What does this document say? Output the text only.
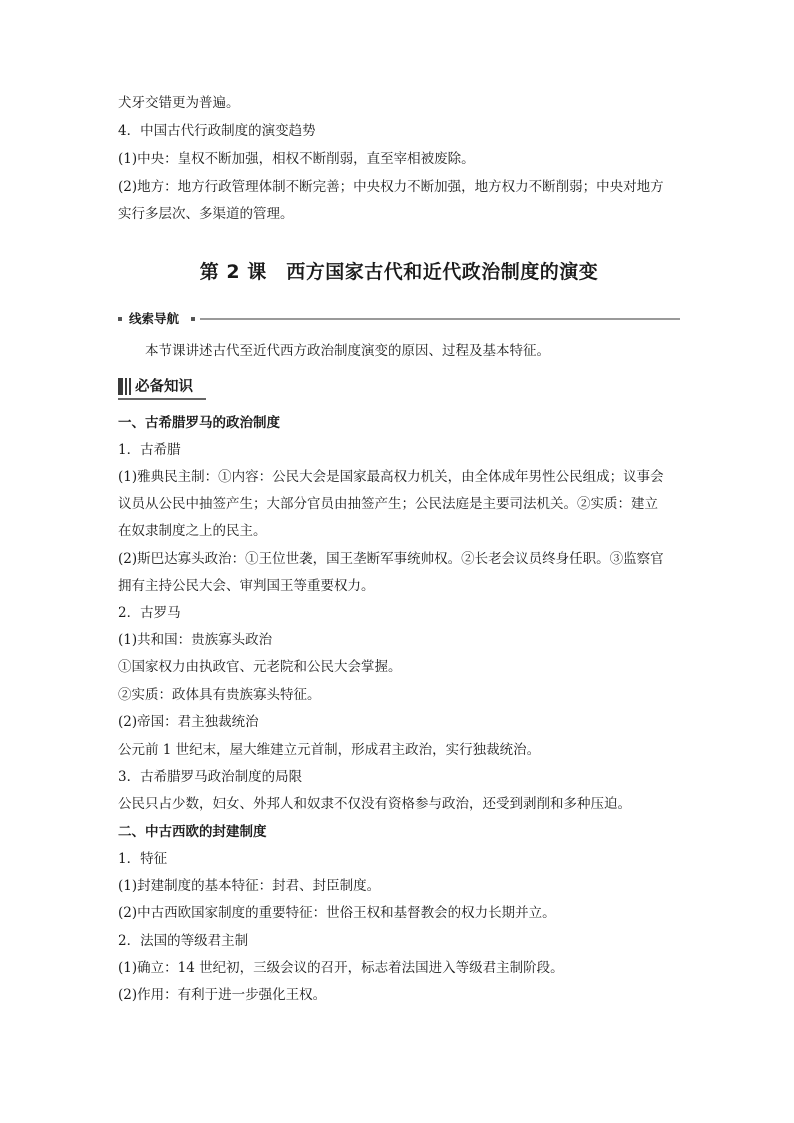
犬牙交错更为普遍。
4．中国古代行政制度的演变趋势
(1)中央：皇权不断加强，相权不断削弱，直至宰相被废除。
(2)地方：地方行政管理体制不断完善；中央权力不断加强，地方权力不断削弱；中央对地方
实行多层次、多渠道的管理。
第 2 课　西方国家古代和近代政治制度的演变
线索导航
本节课讲述古代至近代西方政治制度演变的原因、过程及基本特征。
必备知识
一、古希腊罗马的政治制度
1．古希腊
(1)雅典民主制：①内容：公民大会是国家最高权力机关，由全体成年男性公民组成；议事会
议员从公民中抽签产生；大部分官员由抽签产生；公民法庭是主要司法机关。②实质：建立
在奴隶制度之上的民主。
(2)斯巴达寡头政治：①王位世袭，国王垄断军事统帅权。②长老会议员终身任职。③监察官
拥有主持公民大会、审判国王等重要权力。
2．古罗马
(1)共和国：贵族寡头政治
①国家权力由执政官、元老院和公民大会掌握。
②实质：政体具有贵族寡头特征。
(2)帝国：君主独裁统治
公元前 1 世纪末，屋大维建立元首制，形成君主政治，实行独裁统治。
3．古希腊罗马政治制度的局限
公民只占少数，妇女、外邦人和奴隶不仅没有资格参与政治，还受到剥削和多种压迫。
二、中古西欧的封建制度
1．特征
(1)封建制度的基本特征：封君、封臣制度。
(2)中古西欧国家制度的重要特征：世俗王权和基督教会的权力长期并立。
2．法国的等级君主制
(1)确立：14 世纪初，三级会议的召开，标志着法国进入等级君主制阶段。
(2)作用：有利于进一步强化王权。
